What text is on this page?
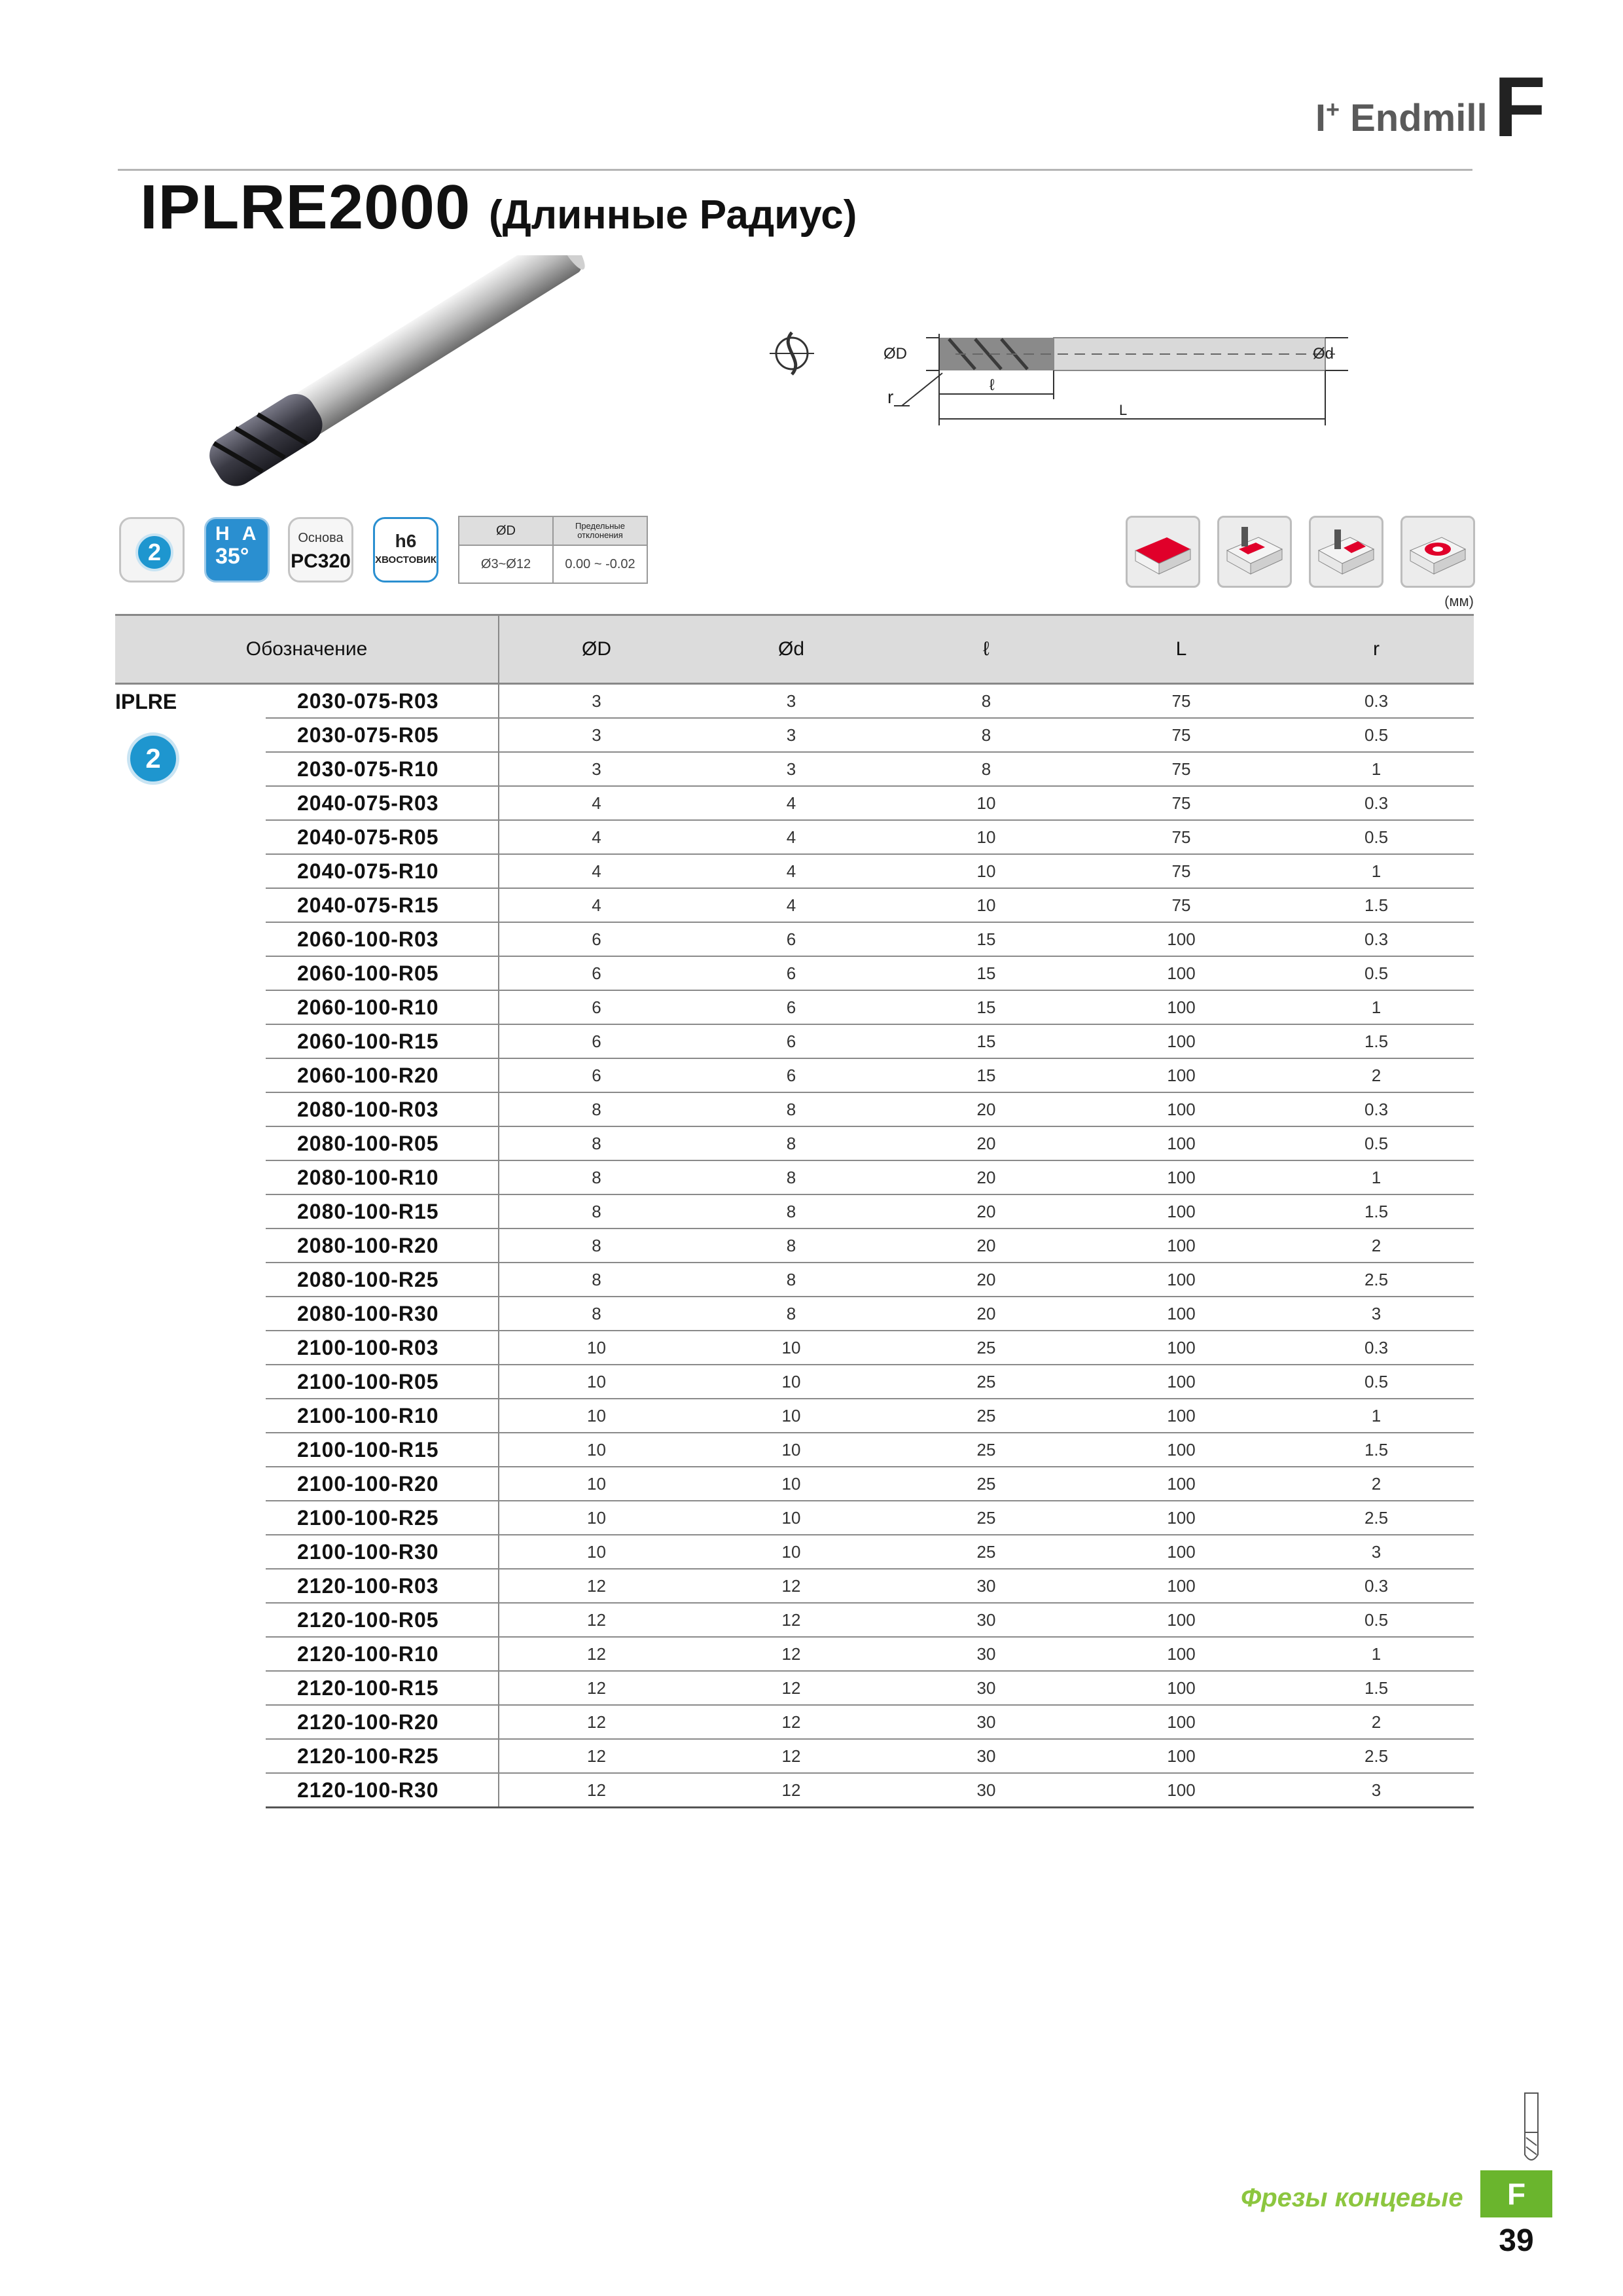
I+ EndmillF
IPLRE2000 (Длинные Радиус)
ØD	Ød
r
ℓ
L
2
H A
35°
Основа
PC320
h6
ХВОСТОВИК
ØD	Предельные отклонения
Ø3~Ø12	0.00 ~ -0.02
(мм)
Обозначение		ØD	Ød	ℓ	L	r

IPLRE
2	2030-075-R03	3	3	8	75	0.3
	2030-075-R05	3	3	8	75	0.5
	2030-075-R10	3	3	8	75	1
	2040-075-R03	4	4	10	75	0.3
	2040-075-R05	4	4	10	75	0.5
	2040-075-R10	4	4	10	75	1
	2040-075-R15	4	4	10	75	1.5
	2060-100-R03	6	6	15	100	0.3
	2060-100-R05	6	6	15	100	0.5
	2060-100-R10	6	6	15	100	1
	2060-100-R15	6	6	15	100	1.5
	2060-100-R20	6	6	15	100	2
	2080-100-R03	8	8	20	100	0.3
	2080-100-R05	8	8	20	100	0.5
	2080-100-R10	8	8	20	100	1
	2080-100-R15	8	8	20	100	1.5
	2080-100-R20	8	8	20	100	2
	2080-100-R25	8	8	20	100	2.5
	2080-100-R30	8	8	20	100	3
	2100-100-R03	10	10	25	100	0.3
	2100-100-R05	10	10	25	100	0.5
	2100-100-R10	10	10	25	100	1
	2100-100-R15	10	10	25	100	1.5
	2100-100-R20	10	10	25	100	2
	2100-100-R25	10	10	25	100	2.5
	2100-100-R30	10	10	25	100	3
	2120-100-R03	12	12	30	100	0.3
	2120-100-R05	12	12	30	100	0.5
	2120-100-R10	12	12	30	100	1
	2120-100-R15	12	12	30	100	1.5
	2120-100-R20	12	12	30	100	2
	2120-100-R25	12	12	30	100	2.5
	2120-100-R30	12	12	30	100	3
Фрезы концевые	F
39
